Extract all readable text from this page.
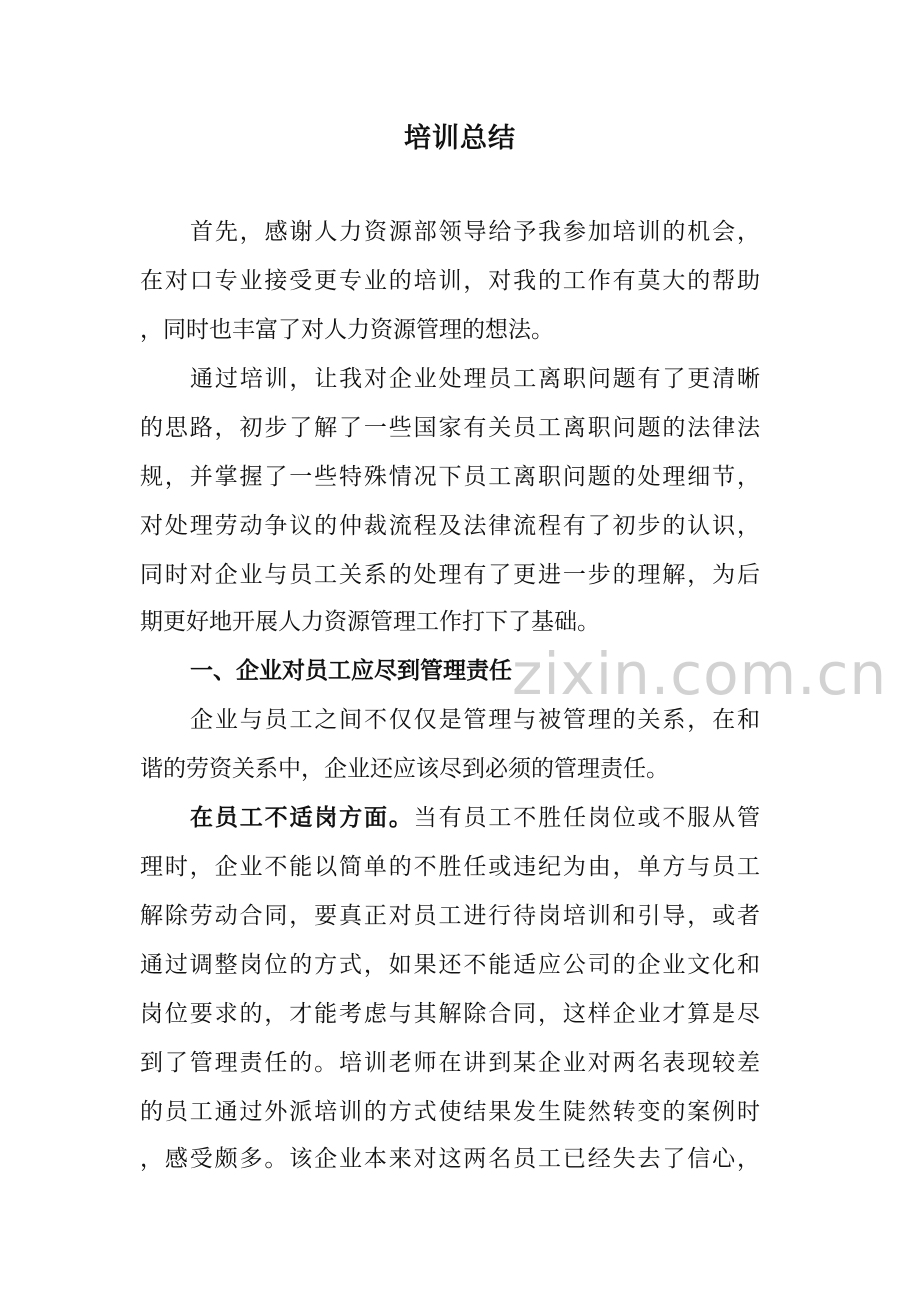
培训总结
首先，感谢人力资源部领导给予我参加培训的机会，
在对口专业接受更专业的培训，对我的工作有莫大的帮助
，同时也丰富了对人力资源管理的想法。
通过培训，让我对企业处理员工离职问题有了更清晰
的思路，初步了解了一些国家有关员工离职问题的法律法
规，并掌握了一些特殊情况下员工离职问题的处理细节，
对处理劳动争议的仲裁流程及法律流程有了初步的认识，
同时对企业与员工关系的处理有了更进一步的理解，为后
期更好地开展人力资源管理工作打下了基础。
一、企业对员工应尽到管理责任
企业与员工之间不仅仅是管理与被管理的关系，在和
谐的劳资关系中，企业还应该尽到必须的管理责任。
在员工不适岗方面。当有员工不胜任岗位或不服从管
理时，企业不能以简单的不胜任或违纪为由，单方与员工
解除劳动合同，要真正对员工进行待岗培训和引导，或者
通过调整岗位的方式，如果还不能适应公司的企业文化和
岗位要求的，才能考虑与其解除合同，这样企业才算是尽
到了管理责任的。培训老师在讲到某企业对两名表现较差
的员工通过外派培训的方式使结果发生陡然转变的案例时
，感受颇多。该企业本来对这两名员工已经失去了信心，
zixin.com.cn
